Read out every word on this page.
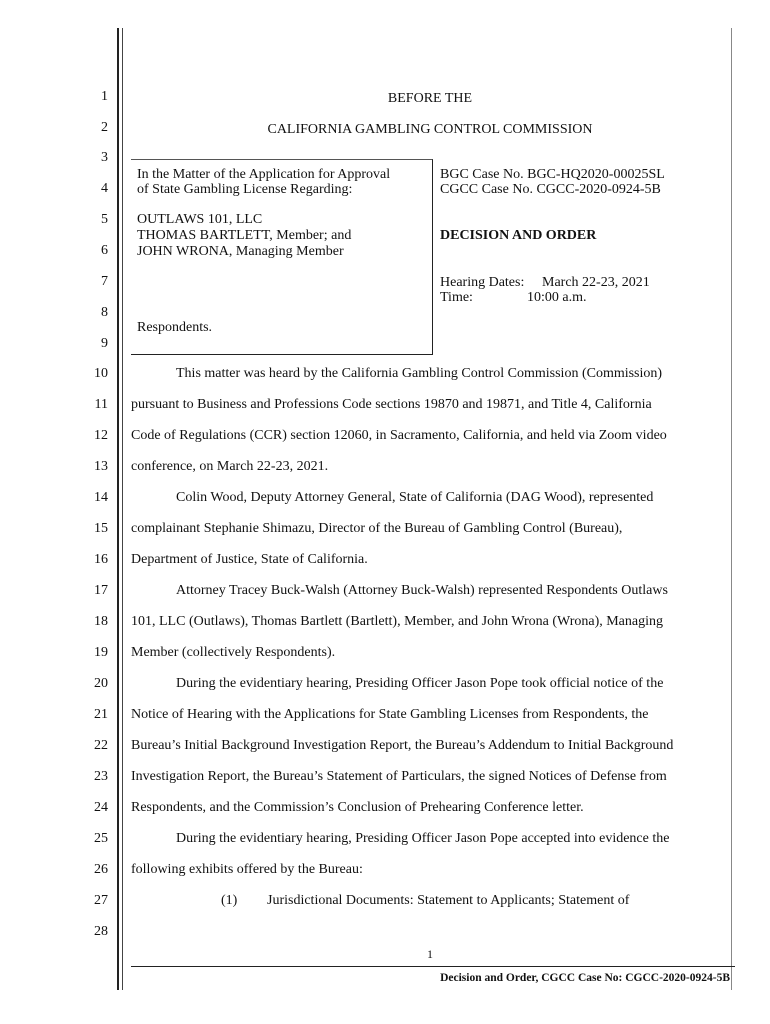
1
2
3
4
5
6
7
8
9
10
11
12
13
14
15
16
17
18
19
20
21
22
23
24
25
26
27
28
BEFORE THE
CALIFORNIA GAMBLING CONTROL COMMISSION
In the Matter of the Application for Approval
of State Gambling License Regarding:
OUTLAWS 101, LLC
THOMAS BARTLETT, Member; and
JOHN WRONA, Managing Member
Respondents.
BGC Case No. BGC-HQ2020-00025SL
CGCC Case No. CGCC-2020-0924-5B
DECISION AND ORDER
Hearing Dates: March 22-23, 2021
Time:	10:00 a.m.
This matter was heard by the California Gambling Control Commission (Commission)
pursuant to Business and Professions Code sections 19870 and 19871, and Title 4, California
Code of Regulations (CCR) section 12060, in Sacramento, California, and held via Zoom video
conference, on March 22-23, 2021.
Colin Wood, Deputy Attorney General, State of California (DAG Wood), represented
complainant Stephanie Shimazu, Director of the Bureau of Gambling Control (Bureau),
Department of Justice, State of California.
Attorney Tracey Buck-Walsh (Attorney Buck-Walsh) represented Respondents Outlaws
101, LLC (Outlaws), Thomas Bartlett (Bartlett), Member, and John Wrona (Wrona), Managing
Member (collectively Respondents).
During the evidentiary hearing, Presiding Officer Jason Pope took official notice of the
Notice of Hearing with the Applications for State Gambling Licenses from Respondents, the
Bureau’s Initial Background Investigation Report, the Bureau’s Addendum to Initial Background
Investigation Report, the Bureau’s Statement of Particulars, the signed Notices of Defense from
Respondents, and the Commission’s Conclusion of Prehearing Conference letter.
During the evidentiary hearing, Presiding Officer Jason Pope accepted into evidence the
following exhibits offered by the Bureau:
(1) Jurisdictional Documents: Statement to Applicants; Statement of
1
Decision and Order, CGCC Case No: CGCC-2020-0924-5B
